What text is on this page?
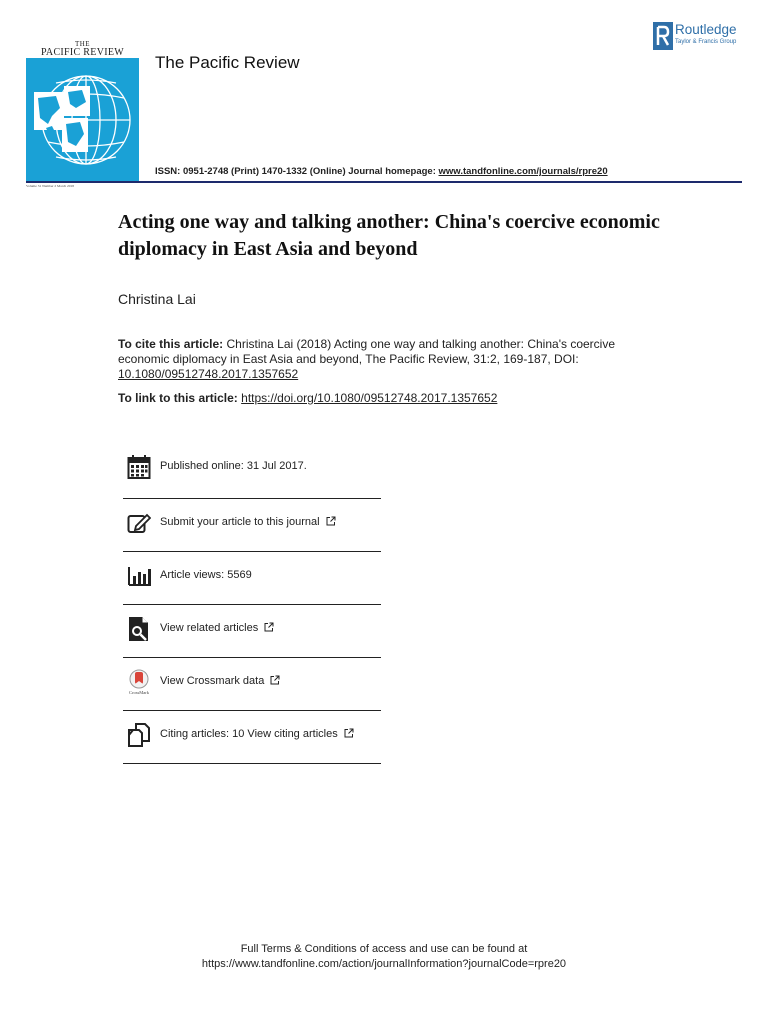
THE
PACIFIC REVIEW
Volume 31 Number 2 March 2018
The Pacific Review
Routledge
Taylor & Francis Group
ISSN: 0951-2748 (Print) 1470-1332 (Online) Journal homepage: www.tandfonline.com/journals/rpre20
Acting one way and talking another: China's coercive economic diplomacy in East Asia and beyond
Christina Lai
To cite this article: Christina Lai (2018) Acting one way and talking another: China's coercive economic diplomacy in East Asia and beyond, The Pacific Review, 31:2, 169-187, DOI:
10.1080/09512748.2017.1357652
To link to this article: https://doi.org/10.1080/09512748.2017.1357652
Published online: 31 Jul 2017.
Submit your article to this journal
Article views: 5569
View related articles
CrossMark
View Crossmark data
Citing articles: 10 View citing articles
Full Terms & Conditions of access and use can be found at
https://www.tandfonline.com/action/journalInformation?journalCode=rpre20
